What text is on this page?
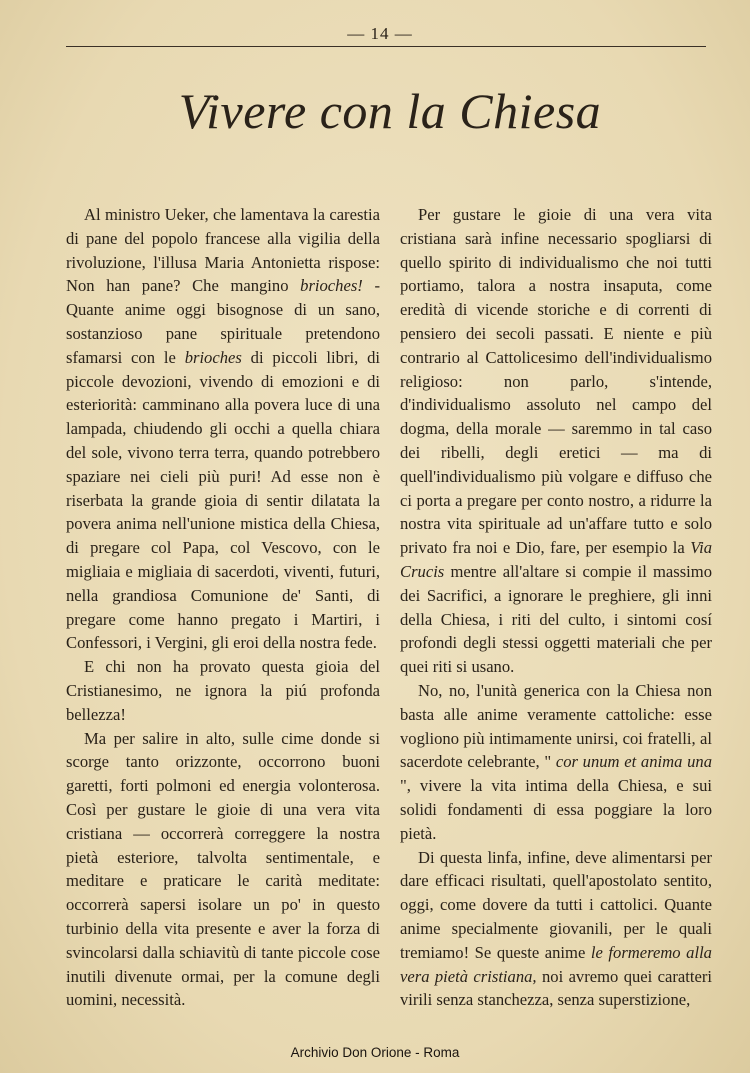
— 14 —
Vivere con la Chiesa

Al ministro Ueker, che lamentava la carestia di pane del popolo francese alla vigilia della rivoluzione, l'illusa Maria Antonietta rispose: Non han pane? Che mangino brioches! - Quante anime oggi bisognose di un sano, sostanzioso pane spirituale pretendono sfamarsi con le brioches di piccoli libri, di piccole devozioni, vivendo di emozioni e di esteriorità: camminano alla povera luce di una lampada, chiudendo gli occhi a quella chiara del sole, vivono terra terra, quando potrebbero spaziare nei cieli più puri! Ad esse non è riserbata la grande gioia di sentir dilatata la povera anima nell'unione mistica della Chiesa, di pregare col Papa, col Vescovo, con le migliaia e migliaia di sacerdoti, viventi, futuri, nella grandiosa Comunione de' Santi, di pregare come hanno pregato i Martiri, i Confessori, i Vergini, gli eroi della nostra fede.

E chi non ha provato questa gioia del Cristianesimo, ne ignora la piú profonda bellezza!

Ma per salire in alto, sulle cime donde si scorge tanto orizzonte, occorrono buoni garetti, forti polmoni ed energia volonterosa. Così per gustare le gioie di una vera vita cristiana — occorrerà correggere la nostra pietà esteriore, talvolta sentimentale, e meditare e praticare le carità meditate: occorrerà sapersi isolare un po' in questo turbinio della vita presente e aver la forza di svincolarsi dalla schiavitù di tante piccole cose inutili divenute ormai, per la comune degli uomini, necessità.

Per gustare le gioie di una vera vita cristiana sarà infine necessario spogliarsi di quello spirito di individualismo che noi tutti portiamo, talora a nostra insaputa, come eredità di vicende storiche e di correnti di pensiero dei secoli passati. E niente e più contrario al Cattolicesimo dell'individualismo religioso: non parlo, s'intende, d'individualismo assoluto nel campo del dogma, della morale — saremmo in tal caso dei ribelli, degli eretici — ma di quell'individualismo più volgare e diffuso che ci porta a pregare per conto nostro, a ridurre la nostra vita spirituale ad un'affare tutto e solo privato fra noi e Dio, fare, per esempio la Via Crucis mentre all'altare si compie il massimo dei Sacrifici, a ignorare le preghiere, gli inni della Chiesa, i riti del culto, i sintomi cosí profondi degli stessi oggetti materiali che per quei riti si usano.

No, no, l'unità generica con la Chiesa non basta alle anime veramente cattoliche: esse vogliono più intimamente unirsi, coi fratelli, al sacerdote celebrante, " cor unum et anima una ", vivere la vita intima della Chiesa, e sui solidi fondamenti di essa poggiare la loro pietà.

Di questa linfa, infine, deve alimentarsi per dare efficaci risultati, quell'apostolato sentito, oggi, come dovere da tutti i cattolici. Quante anime specialmente giovanili, per le quali tremiamo! Se queste anime le formeremo alla vera pietà cristiana, noi avremo quei caratteri virili senza stanchezza, senza superstizione,

Archivio Don Orione - Roma
